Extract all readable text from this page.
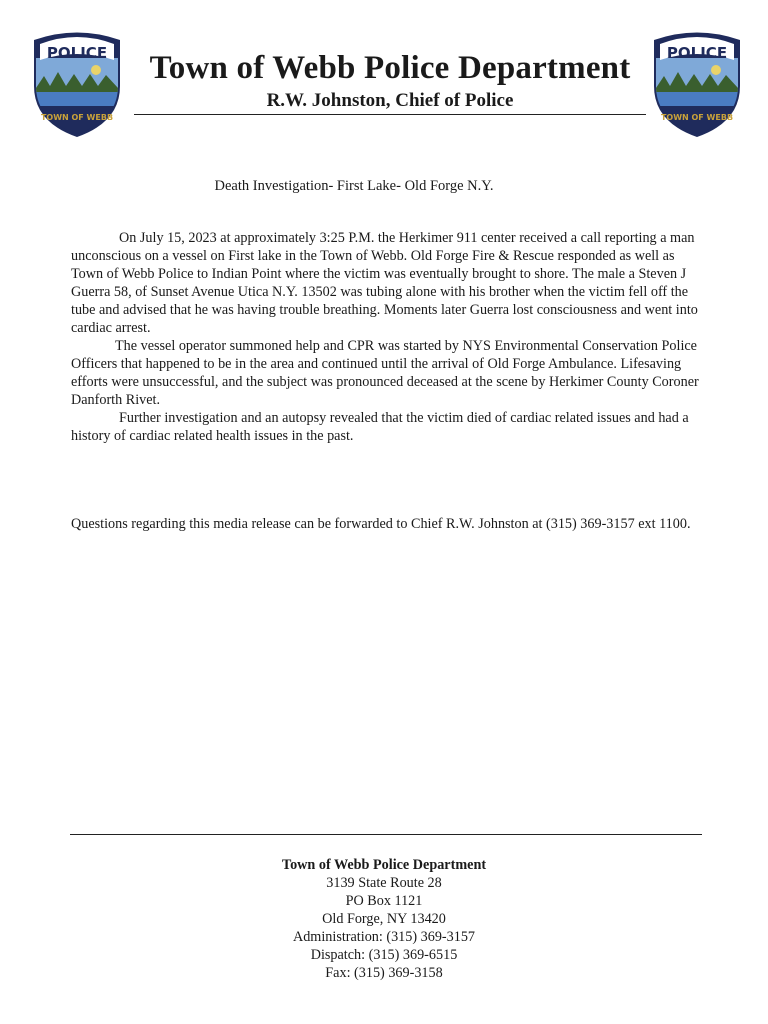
POLICE
TOWN OF WEBB
Town of Webb Police Department
R.W. Johnston, Chief of Police
POLICE
TOWN OF WEBB
Death Investigation- First Lake- Old Forge N.Y.

On July 15, 2023 at approximately 3:25 P.M. the Herkimer 911 center received a call reporting a man unconscious on a vessel on First lake in the Town of Webb. Old Forge Fire & Rescue responded as well as Town of Webb Police to Indian Point where the victim was eventually brought to shore. The male a Steven J Guerra 58, of Sunset Avenue Utica N.Y. 13502 was tubing alone with his brother when the victim fell off the tube and advised that he was having trouble breathing. Moments later Guerra lost consciousness and went into cardiac arrest.

The vessel operator summoned help and CPR was started by NYS Environmental Conservation Police Officers that happened to be in the area and continued until the arrival of Old Forge Ambulance. Lifesaving efforts were unsuccessful, and the subject was pronounced deceased at the scene by Herkimer County Coroner Danforth Rivet.

Further investigation and an autopsy revealed that the victim died of cardiac related issues and had a history of cardiac related health issues in the past.

Questions regarding this media release can be forwarded to Chief R.W. Johnston at (315) 369-3157 ext 1100.

Town of Webb Police Department
3139 State Route 28
PO Box 1121
Old Forge, NY 13420
Administration: (315) 369-3157
Dispatch: (315) 369-6515
Fax: (315) 369-3158
